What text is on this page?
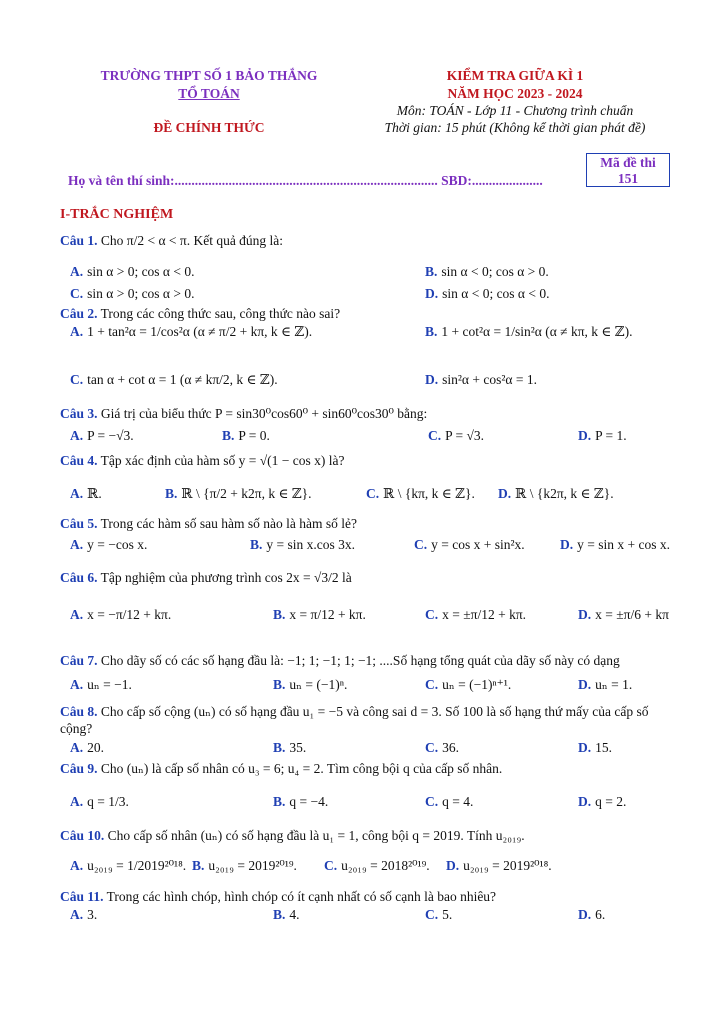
TRƯỜNG THPT SỐ 1 BẢO THẮNG
TỔ TOÁN
ĐỀ CHÍNH THỨC
KIỂM TRA GIỮA KÌ 1
NĂM HỌC 2023 - 2024
Môn: TOÁN - Lớp 11 - Chương trình chuẩn
Thời gian: 15 phút (Không kể thời gian phát đề)
Họ và tên thí sinh:.............................................................................. SBD:.....................
Mã đề thi
151
I-TRẮC NGHIỆM
Câu 1. Cho π/2 < α < π. Kết quả đúng là:
A. sin α > 0; cos α < 0.	B. sin α < 0; cos α > 0.
C. sin α > 0; cos α > 0.	D. sin α < 0; cos α < 0.
Câu 2. Trong các công thức sau, công thức nào sai?
A. 1 + tan²α = 1/cos²α (α ≠ π/2 + kπ, k ∈ ℤ).	B. 1 + cot²α = 1/sin²α (α ≠ kπ, k ∈ ℤ).
C. tan α + cot α = 1 (α ≠ kπ/2, k ∈ ℤ).	D. sin²α + cos²α = 1.
Câu 3. Giá trị của biểu thức P = sin30⁰cos60⁰ + sin60⁰cos30⁰ bằng:
A. P = −√3.	B. P = 0.	C. P = √3.	D. P = 1.
Câu 4. Tập xác định của hàm số y = √(1 − cos x) là?
A. ℝ.	B. ℝ \ {π/2 + k2π, k ∈ ℤ}.	C. ℝ \ {kπ, k ∈ ℤ}. D. ℝ \ {k2π, k ∈ ℤ}.
Câu 5. Trong các hàm số sau hàm số nào là hàm số lẻ?
A. y = −cos x.	B. y = sin x.cos 3x.	C. y = cos x + sin²x.	D. y = sin x + cos x.
Câu 6. Tập nghiệm của phương trình cos 2x = √3/2 là
A. x = −π/12 + kπ.	B. x = π/12 + kπ.	C. x = ±π/12 + kπ.	D. x = ±π/6 + kπ
Câu 7. Cho dãy số có các số hạng đầu là: −1; 1; −1; 1; −1; ....Số hạng tổng quát của dãy số này có dạng
A. uₙ = −1.	B. uₙ = (−1)ⁿ.	C. uₙ = (−1)ⁿ⁺¹.	D. uₙ = 1.
Câu 8. Cho cấp số cộng (uₙ) có số hạng đầu u₁ = −5 và công sai d = 3. Số 100 là số hạng thứ mấy của cấp số cộng?
A. 20.	B. 35.	C. 36.	D. 15.
Câu 9. Cho (uₙ) là cấp số nhân có u₃ = 6; u₄ = 2. Tìm công bội q của cấp số nhân.
A. q = 1/3.	B. q = −4.	C. q = 4.	D. q = 2.
Câu 10. Cho cấp số nhân (uₙ) có số hạng đầu là u₁ = 1, công bội q = 2019. Tính u₂₀₁₉.
A. u₂₀₁₉ = 1/2019²⁰¹⁸. B. u₂₀₁₉ = 2019²⁰¹⁹. C. u₂₀₁₉ = 2018²⁰¹⁹. D. u₂₀₁₉ = 2019²⁰¹⁸.
Câu 11. Trong các hình chóp, hình chóp có ít cạnh nhất có số cạnh là bao nhiêu?
A. 3.	B. 4.	C. 5.	D. 6.
